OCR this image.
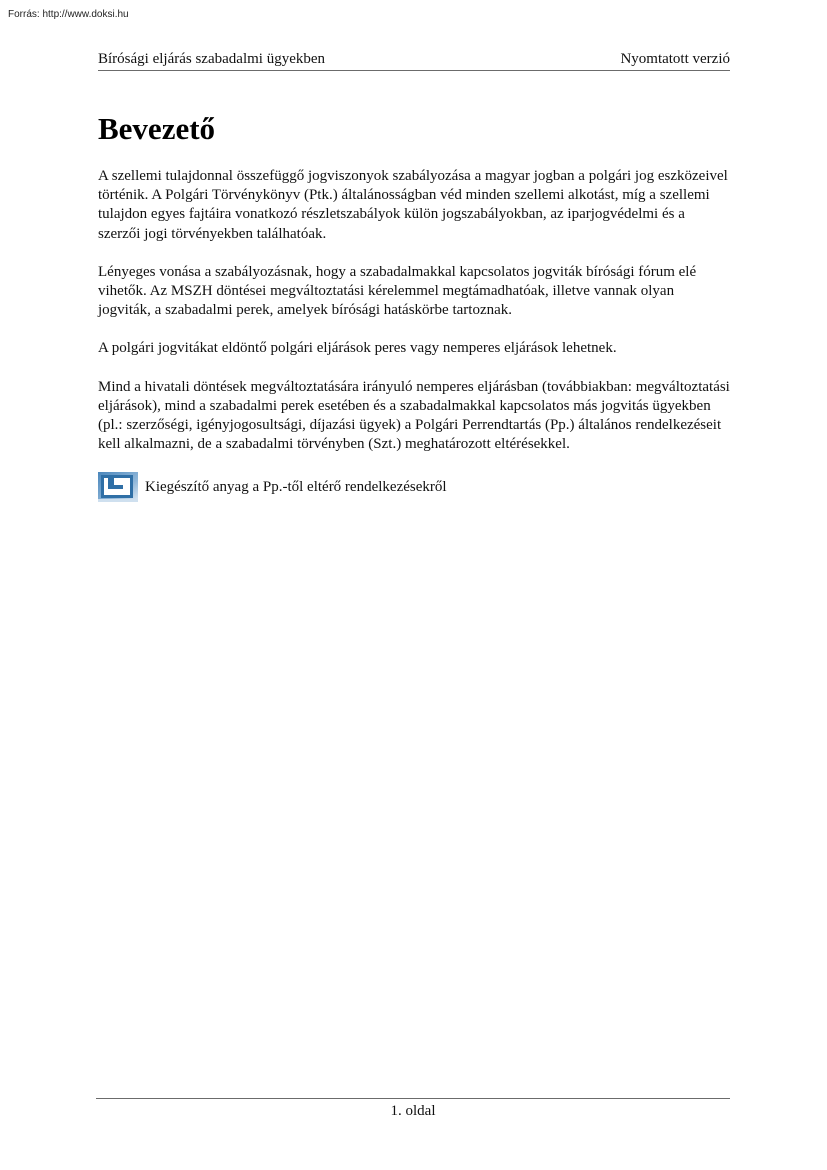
Forrás: http://www.doksi.hu
Bírósági eljárás szabadalmi ügyekben	Nyomtatott verzió
Bevezető

A szellemi tulajdonnal összefüggő jogviszonyok szabályozása a magyar jogban a polgári jog eszközeivel történik. A Polgári Törvénykönyv (Ptk.) általánosságban véd minden szellemi alkotást, míg a szellemi tulajdon egyes fajtáira vonatkozó részletszabályok külön jogszabályokban, az iparjogvédelmi és a szerzői jogi törvényekben találhatóak.

Lényeges vonása a szabályozásnak, hogy a szabadalmakkal kapcsolatos jogviták bírósági fórum elé vihetők. Az MSZH döntései megváltoztatási kérelemmel megtámadhatóak, illetve vannak olyan jogviták, a szabadalmi perek, amelyek bírósági hatáskörbe tartoznak.

A polgári jogvitákat eldöntő polgári eljárások peres vagy nemperes eljárások lehetnek.

Mind a hivatali döntések megváltoztatására irányuló nemperes eljárásban (továbbiakban: megváltoztatási eljárások), mind a szabadalmi perek esetében és a szabadalmakkal kapcsolatos más jogvitás ügyekben (pl.: szerzőségi, igényjogosultsági, díjazási ügyek) a Polgári Perrendtartás (Pp.) általános rendelkezéseit kell alkalmazni, de a szabadalmi törvényben (Szt.) meghatározott eltérésekkel.

Kiegészítő anyag a Pp.-től eltérő rendelkezésekről
1. oldal
